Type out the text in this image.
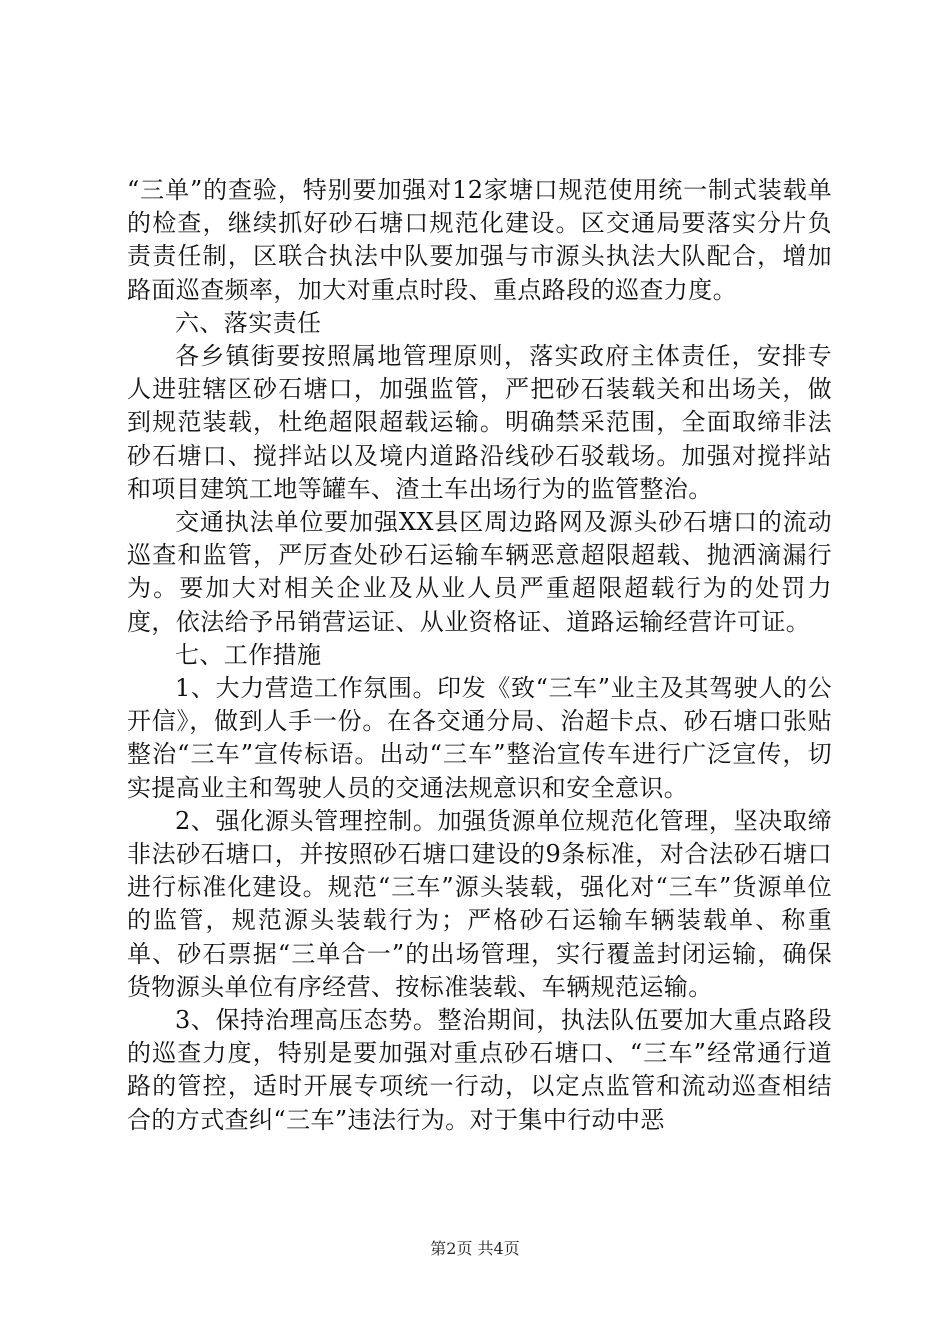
“三单”的查验，特别要加强对12家塘口规范使用统一制式装载单的检查，继续抓好砂石塘口规范化建设。区交通局要落实分片负责责任制，区联合执法中队要加强与市源头执法大队配合，增加路面巡查频率，加大对重点时段、重点路段的巡查力度。

六、落实责任

各乡镇街要按照属地管理原则，落实政府主体责任，安排专人进驻辖区砂石塘口，加强监管，严把砂石装载关和出场关，做到规范装载，杜绝超限超载运输。明确禁采范围，全面取缔非法砂石塘口、搅拌站以及境内道路沿线砂石驳载场。加强对搅拌站和项目建筑工地等罐车、渣土车出场行为的监管整治。

交通执法单位要加强XX县区周边路网及源头砂石塘口的流动巡查和监管，严厉查处砂石运输车辆恶意超限超载、抛洒滴漏行为。要加大对相关企业及从业人员严重超限超载行为的处罚力度，依法给予吊销营运证、从业资格证、道路运输经营许可证。

七、工作措施

1、大力营造工作氛围。印发《致“三车”业主及其驾驶人的公开信》，做到人手一份。在各交通分局、治超卡点、砂石塘口张贴整治“三车”宣传标语。出动“三车”整治宣传车进行广泛宣传，切实提高业主和驾驶人员的交通法规意识和安全意识。

2、强化源头管理控制。加强货源单位规范化管理，坚决取缔非法砂石塘口，并按照砂石塘口建设的9条标准，对合法砂石塘口进行标准化建设。规范“三车”源头装载，强化对“三车”货源单位的监管，规范源头装载行为；严格砂石运输车辆装载单、称重单、砂石票据“三单合一”的出场管理，实行覆盖封闭运输，确保货物源头单位有序经营、按标准装载、车辆规范运输。

3、保持治理高压态势。整治期间，执法队伍要加大重点路段的巡查力度，特别是要加强对重点砂石塘口、“三车”经常通行道路的管控，适时开展专项统一行动，以定点监管和流动巡查相结合的方式查纠“三车”违法行为。对于集中行动中恶

第2页 共4页
